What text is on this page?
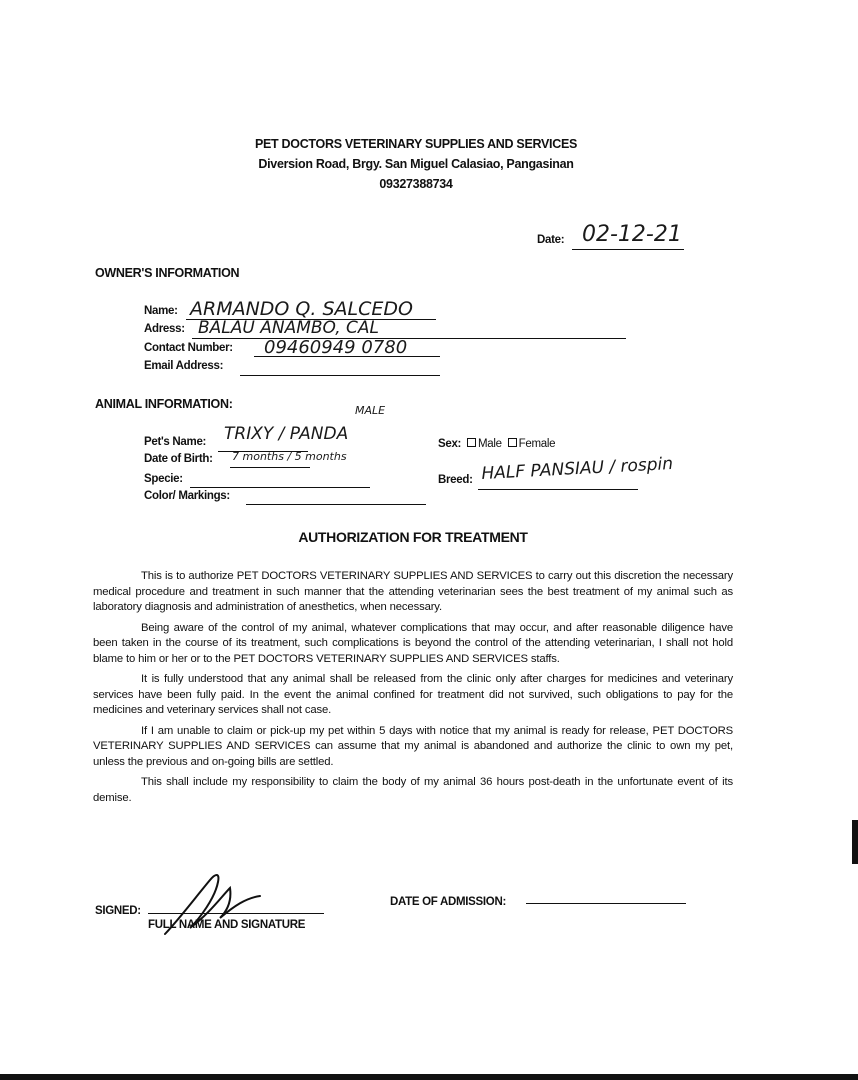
PET DOCTORS VETERINARY SUPPLIES AND SERVICES
Diversion Road, Brgy. San Miguel Calasiao, Pangasinan
09327388734
Date: 02-12-21
OWNER'S INFORMATION
Name: ARMANDO Q. SALCEDO
Adress: BALAU ANAMBO, CAL
Contact Number: 09460949 0780
Email Address:
ANIMAL INFORMATION:	MALE
Pet's Name: TRIXY / PANDA
Date of Birth: 7 months / 5 months
Specie:
Color/ Markings:
Sex: Male Female
Breed: HALF PANSIAU / rospin
AUTHORIZATION FOR TREATMENT

This is to authorize PET DOCTORS VETERINARY SUPPLIES AND SERVICES to carry out this discretion the necessary medical procedure and treatment in such manner that the attending veterinarian sees the best treatment of my animal such as laboratory diagnosis and administration of anesthetics, when necessary.

Being aware of the control of my animal, whatever complications that may occur, and after reasonable diligence have been taken in the course of its treatment, such complications is beyond the control of the attending veterinarian, I shall not hold blame to him or her or to the PET DOCTORS VETERINARY SUPPLIES AND SERVICES staffs.

It is fully understood that any animal shall be released from the clinic only after charges for medicines and veterinary services have been fully paid. In the event the animal confined for treatment did not survived, such obligations to pay for the medicines and veterinary services shall not case.

If I am unable to claim or pick-up my pet within 5 days with notice that my animal is ready for release, PET DOCTORS VETERINARY SUPPLIES AND SERVICES can assume that my animal is abandoned and authorize the clinic to own my pet, unless the previous and on-going bills are settled.

This shall include my responsibility to claim the body of my animal 36 hours post-death in the unfortunate event of its demise.

SIGNED:
FULL NAME AND SIGNATURE
DATE OF ADMISSION:
